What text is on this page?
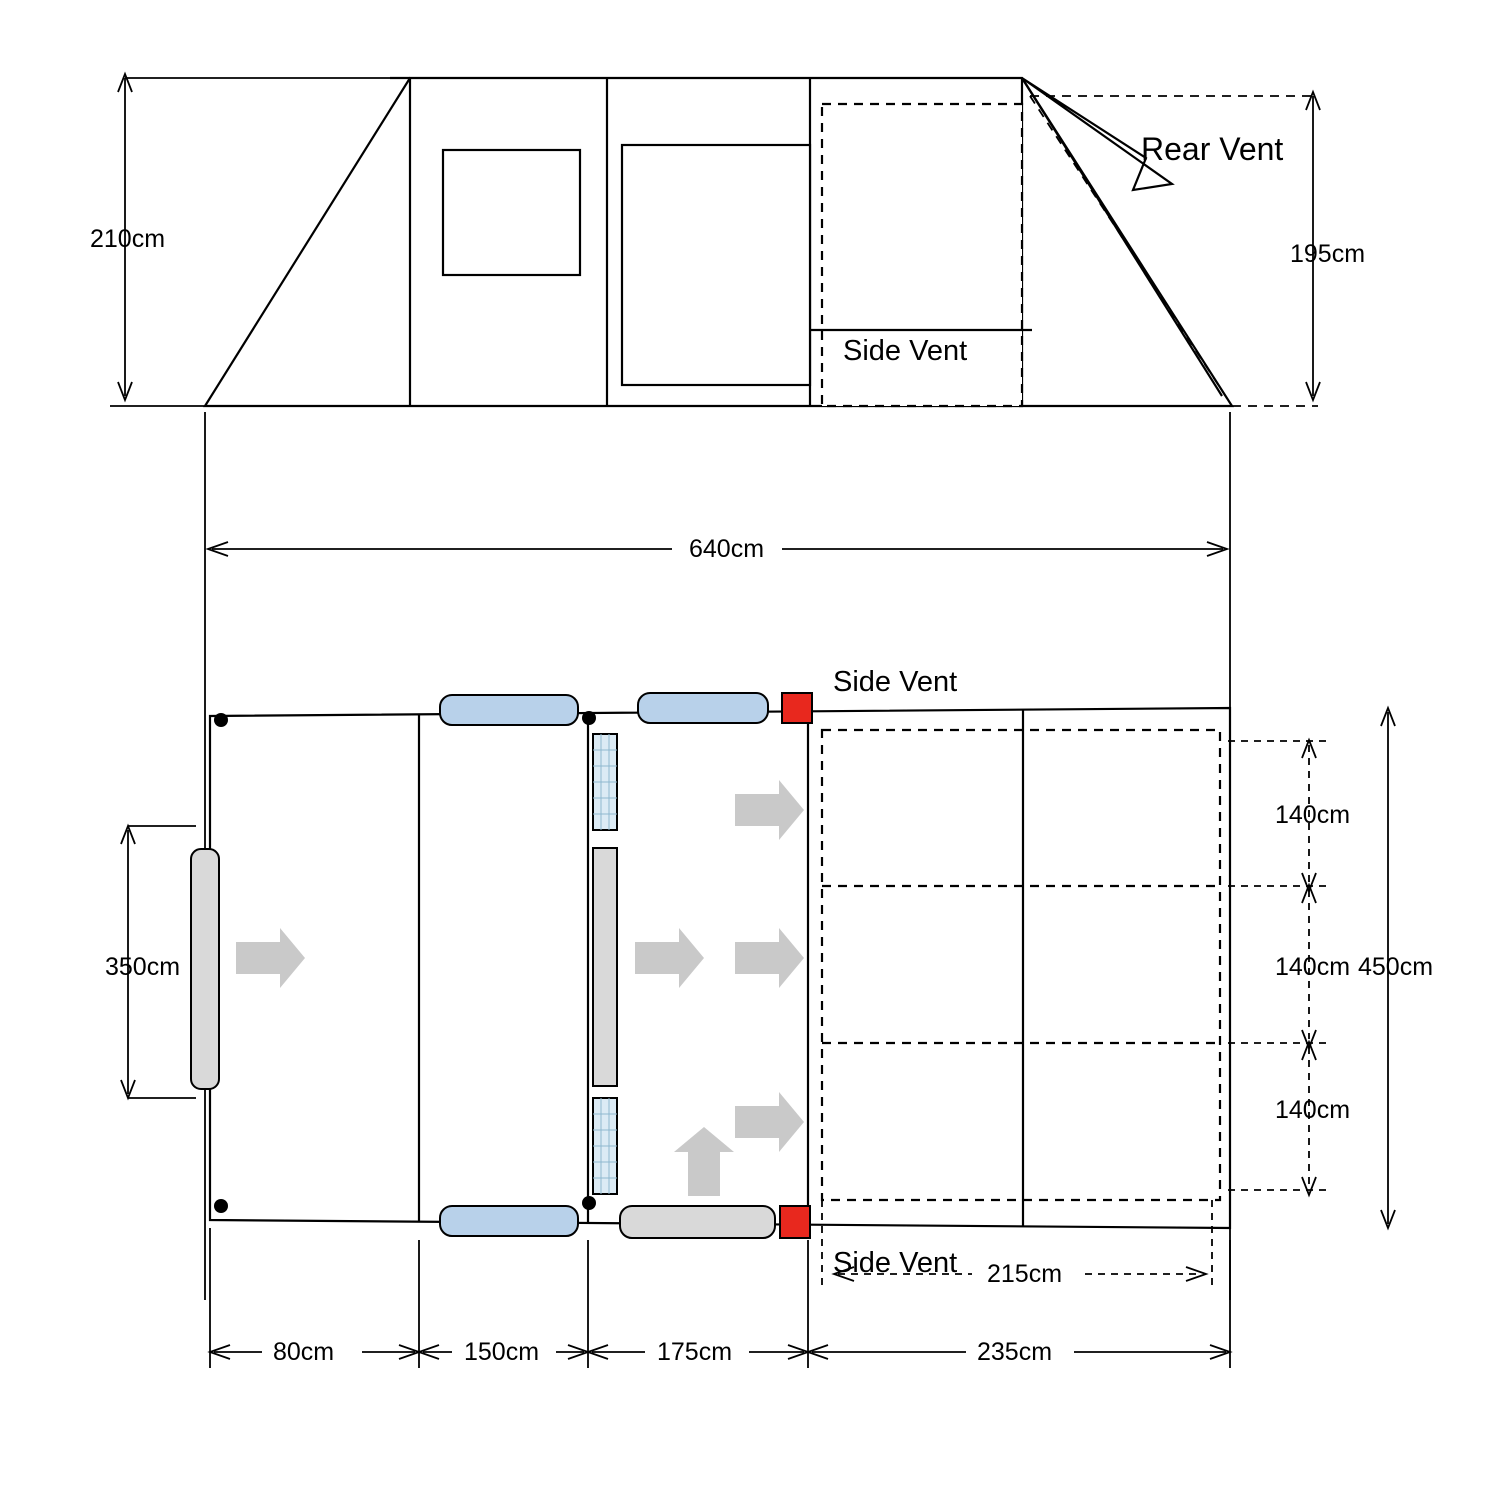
Rear Vent
Side Vent
210cm
195cm
640cm
Side Vent
Side Vent
350cm	450cm
140cm
140cm
140cm
215cm
80cm	150cm	175cm	235cm
